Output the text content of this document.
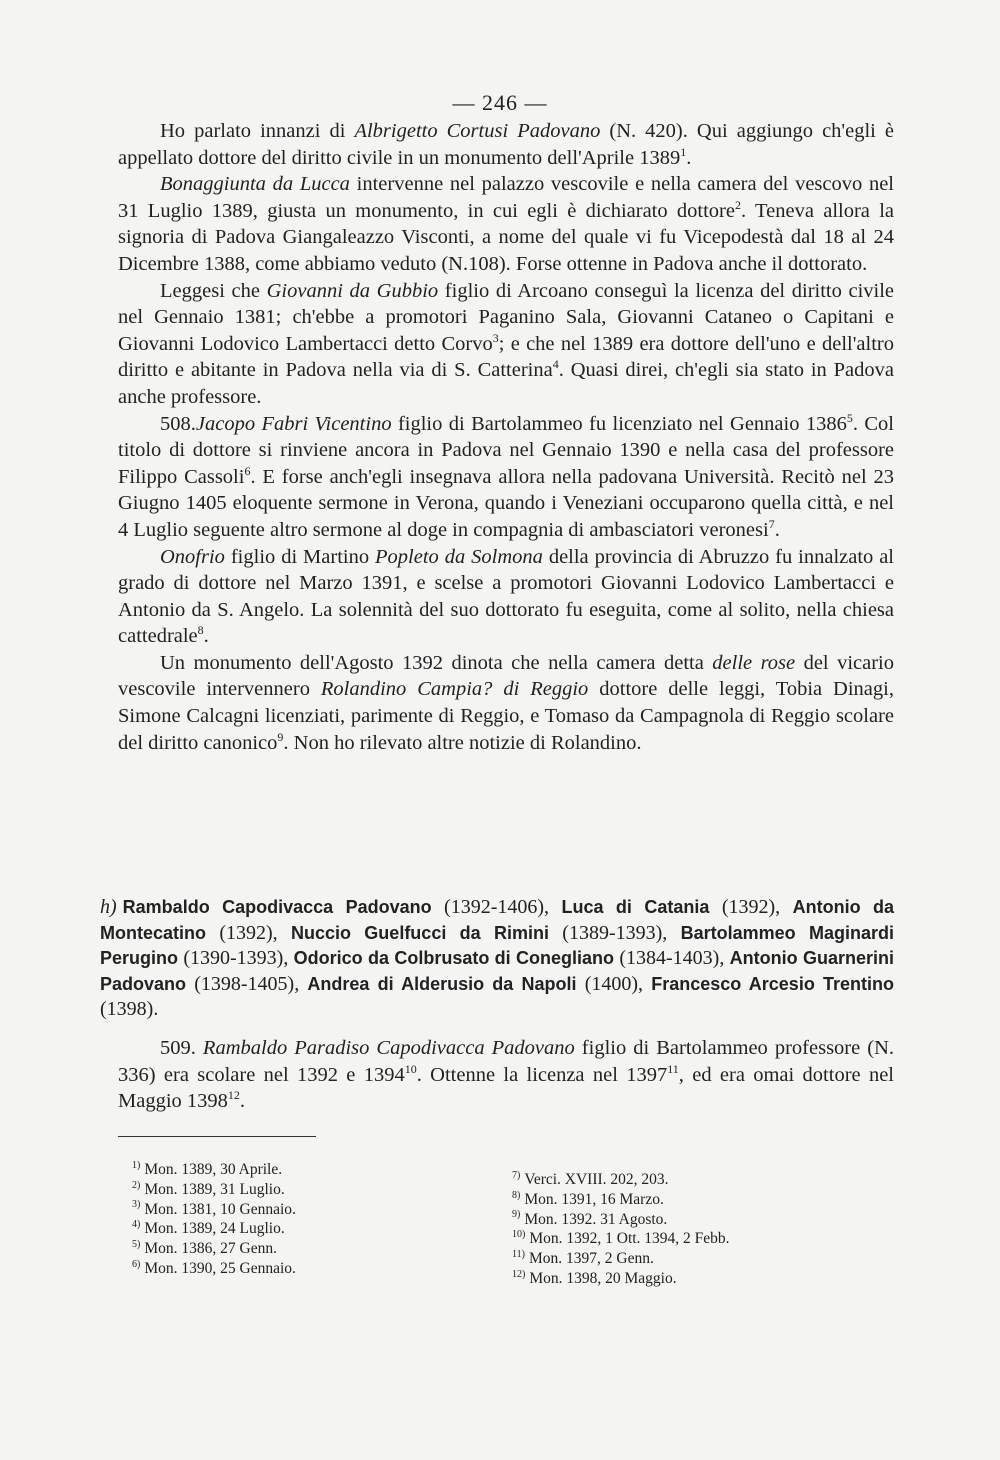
— 246 —

Ho parlato innanzi di Albrigetto Cortusi Padovano (N. 420). Qui aggiungo ch'egli è appellato dottore del diritto civile in un monumento dell'Aprile 1389$^1$.

Bonaggiunta da Lucca intervenne nel palazzo vescovile e nella camera del vescovo nel 31 Luglio 1389, giusta un monumento, in cui egli è dichiarato dottore$^2$. Teneva allora la signoria di Padova Giangaleazzo Visconti, a nome del quale vi fu Vicepodestà dal 18 al 24 Dicembre 1388, come abbiamo veduto (N.108). Forse ottenne in Padova anche il dottorato.

Leggesi che Giovanni da Gubbio figlio di Arcoano conseguì la licenza del diritto civile nel Gennaio 1381; ch'ebbe a promotori Paganino Sala, Giovanni Cataneo o Capitani e Giovanni Lodovico Lambertacci detto Corvo$^3$; e che nel 1389 era dottore dell'uno e dell'altro diritto e abitante in Padova nella via di S. Catterina$^4$. Quasi direi, ch'egli sia stato in Padova anche professore.

508.Jacopo Fabri Vicentino figlio di Bartolammeo fu licenziato nel Gennaio 1386$^5$. Col titolo di dottore si rinviene ancora in Padova nel Gennaio 1390 e nella casa del professore Filippo Cassoli$^6$. E forse anch'egli insegnava allora nella padovana Università. Recitò nel 23 Giugno 1405 eloquente sermone in Verona, quando i Veneziani occuparono quella città, e nel 4 Luglio seguente altro sermone al doge in compagnia di ambasciatori veronesi$^7$.

Onofrio figlio di Martino Popleto da Solmona della provincia di Abruzzo fu innalzato al grado di dottore nel Marzo 1391, e scelse a promotori Giovanni Lodovico Lambertacci e Antonio da S. Angelo. La solennità del suo dottorato fu eseguita, come al solito, nella chiesa cattedrale$^8$.

Un monumento dell'Agosto 1392 dinota che nella camera detta delle rose del vicario vescovile intervennero Rolandino Campia? di Reggio dottore delle leggi, Tobia Dinagi, Simone Calcagni licenziati, parimente di Reggio, e Tomaso da Campagnola di Reggio scolare del diritto canonico$^9$. Non ho rilevato altre notizie di Rolandino.

h) Rambaldo Capodivacca Padovano (1392-1406), Luca di Catania (1392), Antonio da Montecatino (1392), Nuccio Guelfucci da Rimini (1389-1393), Bartolammeo Maginardi Peruginο (1390-1393), Odorico da Colbrusato di Conegliano (1384-1403), Antonio Guarnerini Padovano (1398-1405), Andrea di Alderusio da Napoli (1400), Francesco Arcesio Trentino (1398).

509. Rambaldo Paradiso Capodivacca Padovano figlio di Bartolammeo professore (N. 336) era scolare nel 1392 e 1394$^{10}$. Ottenne la licenza nel 1397$^{11}$, ed era omai dottore nel Maggio 1398$^{12}$.

$^{1)}$ Mon. 1389, 30 Aprile.
$^{2)}$ Mon. 1389, 31 Luglio.
$^{3)}$ Mon. 1381, 10 Gennaio.
$^{4)}$ Mon. 1389, 24 Luglio.
$^{5)}$ Mon. 1386, 27 Genn.
$^{6)}$ Mon. 1390, 25 Gennaio.
$^{7)}$ Verci. XVIII. 202, 203.
$^{8)}$ Mon. 1391, 16 Marzo.
$^{9)}$ Mon. 1392. 31 Agosto.
$^{10)}$ Mon. 1392, 1 Ott. 1394, 2 Febb.
$^{11)}$ Mon. 1397, 2 Genn.
$^{12)}$ Mon. 1398, 20 Maggio.
